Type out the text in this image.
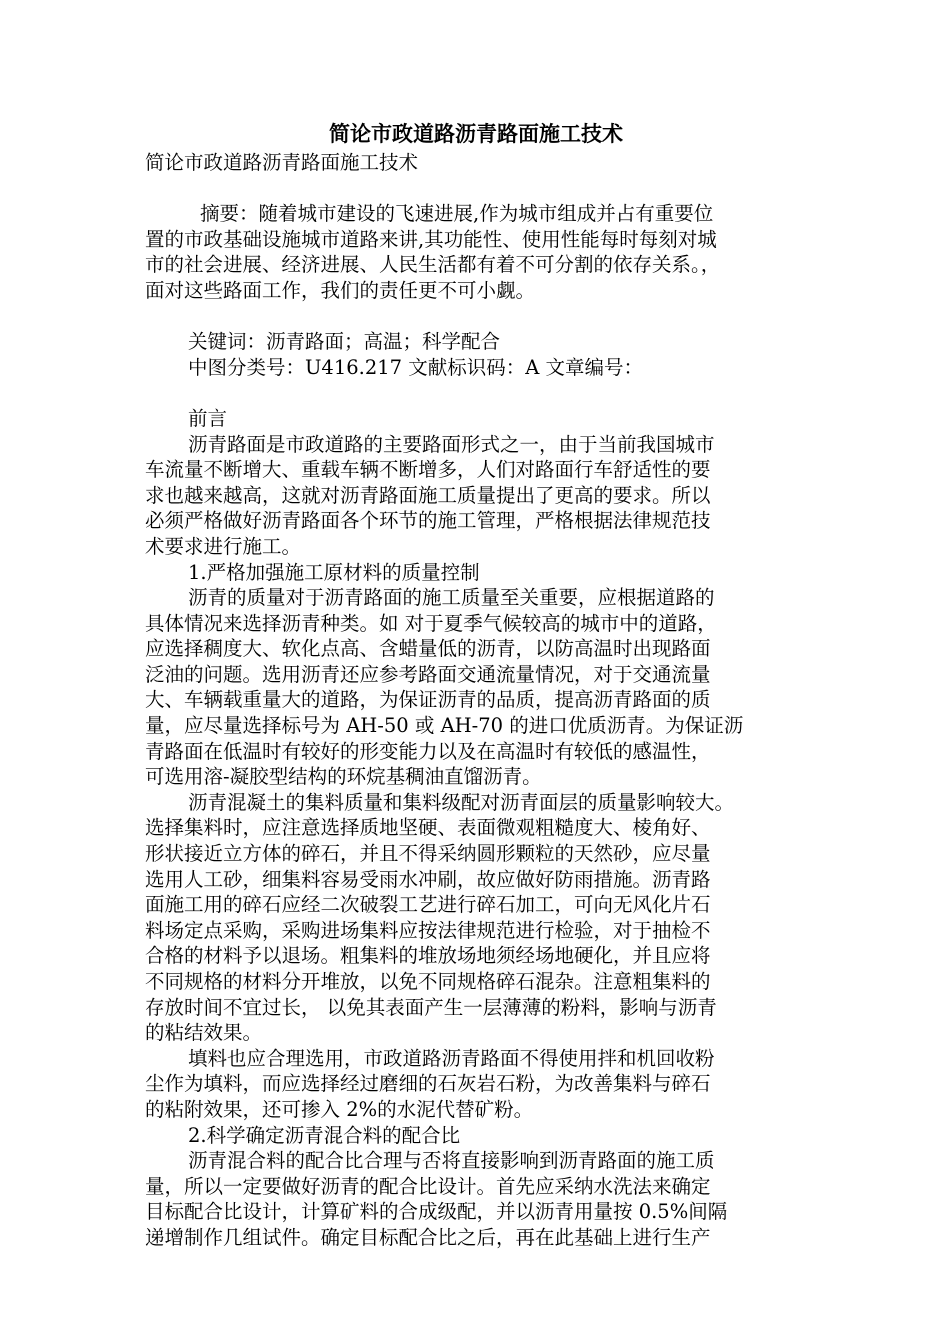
简论市政道路沥青路面施工技术

简论市政道路沥青路面施工技术

摘要：随着城市建设的飞速进展,作为城市组成并占有重要位

置的市政基础设施城市道路来讲,其功能性、使用性能每时每刻对城

市的社会进展、经济进展、人民生活都有着不可分割的依存关系。，

面对这些路面工作，我们的责任更不可小觑。

关键词：沥青路面；高温；科学配合

中图分类号：U416.217 文献标识码：A 文章编号：

前言

沥青路面是市政道路的主要路面形式之一，由于当前我国城市

车流量不断增大、重载车辆不断增多，人们对路面行车舒适性的要

求也越来越高，这就对沥青路面施工质量提出了更高的要求。所以

必须严格做好沥青路面各个环节的施工管理，严格根据法律规范技

术要求进行施工。

1.严格加强施工原材料的质量控制

沥青的质量对于沥青路面的施工质量至关重要，应根据道路的

具体情况来选择沥青种类。如 对于夏季气候较高的城市中的道路，

应选择稠度大、软化点高、含蜡量低的沥青，以防高温时出现路面

泛油的问题。选用沥青还应参考路面交通流量情况，对于交通流量

大、车辆载重量大的道路，为保证沥青的品质，提高沥青路面的质

量，应尽量选择标号为 AH-50 或 AH-70 的进口优质沥青。为保证沥

青路面在低温时有较好的形变能力以及在高温时有较低的感温性，

可选用溶-凝胶型结构的环烷基稠油直馏沥青。

沥青混凝土的集料质量和集料级配对沥青面层的质量影响较大。

选择集料时，应注意选择质地坚硬、表面微观粗糙度大、棱角好、

形状接近立方体的碎石，并且不得采纳圆形颗粒的天然砂，应尽量

选用人工砂，细集料容易受雨水冲刷，故应做好防雨措施。沥青路

面施工用的碎石应经二次破裂工艺进行碎石加工，可向无风化片石

料场定点采购，采购进场集料应按法律规范进行检验，对于抽检不

合格的材料予以退场。粗集料的堆放场地须经场地硬化，并且应将

不同规格的材料分开堆放，以免不同规格碎石混杂。注意粗集料的

存放时间不宜过长， 以免其表面产生一层薄薄的粉料，影响与沥青

的粘结效果。

填料也应合理选用，市政道路沥青路面不得使用拌和机回收粉

尘作为填料，而应选择经过磨细的石灰岩石粉，为改善集料与碎石

的粘附效果，还可掺入 2%的水泥代替矿粉。

2.科学确定沥青混合料的配合比

沥青混合料的配合比合理与否将直接影响到沥青路面的施工质

量，所以一定要做好沥青的配合比设计。首先应采纳水洗法来确定

目标配合比设计，计算矿料的合成级配，并以沥青用量按 0.5%间隔

递增制作几组试件。确定目标配合比之后，再在此基础上进行生产
